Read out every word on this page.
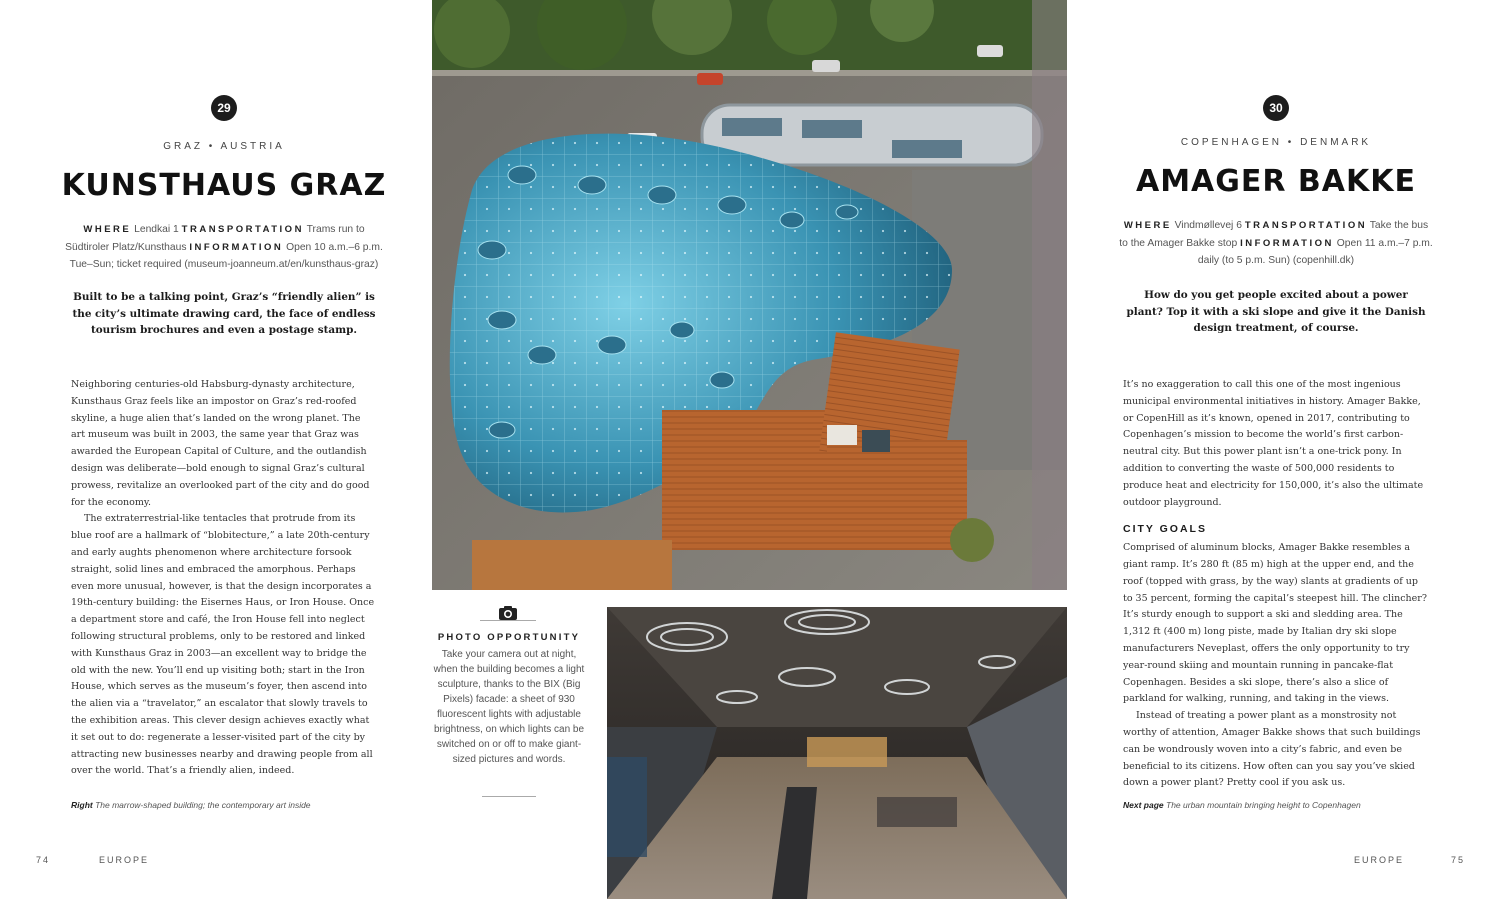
29
GRAZ • AUSTRIA
KUNSTHAUS GRAZ
WHERE Lendkai 1 TRANSPORTATION Trams run to
Südtiroler Platz/Kunsthaus INFORMATION Open 10 a.m.–6 p.m.
Tue–Sun; ticket required (museum-joanneum.at/en/kunsthaus-graz)
Built to be a talking point, Graz’s “friendly alien” is the city’s ultimate drawing card, the face of endless tourism brochures and even a postage stamp.

Neighboring centuries-old Habsburg-dynasty architecture, Kunsthaus Graz feels like an impostor on Graz’s red-roofed skyline, a huge alien that’s landed on the wrong planet. The art museum was built in 2003, the same year that Graz was awarded the European Capital of Culture, and the outlandish design was deliberate—bold enough to signal Graz’s cultural prowess, revitalize an overlooked part of the city and do good for the economy.

The extraterrestrial-like tentacles that protrude from its blue roof are a hallmark of “blobitecture,” a late 20th-century and early aughts phenomenon where architecture forsook straight, solid lines and embraced the amorphous. Perhaps even more unusual, however, is that the design incorporates a 19th-century building: the Eisernes Haus, or Iron House. Once a department store and café, the Iron House fell into neglect following structural problems, only to be restored and linked with Kunsthaus Graz in 2003—an excellent way to bridge the old with the new. You’ll end up visiting both; start in the Iron House, which serves as the museum’s foyer, then ascend into the alien via a “travelator,” an escalator that slowly travels to the exhibition areas. This clever design achieves exactly what it set out to do: regenerate a lesser-visited part of the city by attracting new businesses nearby and drawing people from all over the world. That’s a friendly alien, indeed.

Right The marrow-shaped building; the contemporary art inside
74	EUROPE
PHOTO OPPORTUNITY
Take your camera out at night, when the building becomes a light sculpture, thanks to the BIX (Big Pixels) facade: a sheet of 930 fluorescent lights with adjustable brightness, on which lights can be switched on or off to make giant-sized pictures and words.
30
COPENHAGEN • DENMARK
AMAGER BAKKE
WHERE Vindmøllevej 6 TRANSPORTATION Take the bus
to the Amager Bakke stop INFORMATION Open 11 a.m.–7 p.m.
daily (to 5 p.m. Sun) (copenhill.dk)
How do you get people excited about a power plant? Top it with a ski slope and give it the Danish design treatment, of course.

It’s no exaggeration to call this one of the most ingenious municipal environmental initiatives in history. Amager Bakke, or CopenHill as it’s known, opened in 2017, contributing to Copenhagen’s mission to become the world’s first carbon-neutral city. But this power plant isn’t a one-trick pony. In addition to converting the waste of 500,000 residents to produce heat and electricity for 150,000, it’s also the ultimate outdoor playground.

CITY GOALS

Comprised of aluminum blocks, Amager Bakke resembles a giant ramp. It’s 280 ft (85 m) high at the upper end, and the roof (topped with grass, by the way) slants at gradients of up to 35 percent, forming the capital’s steepest hill. The clincher? It’s sturdy enough to support a ski and sledding area. The 1,312 ft (400 m) long piste, made by Italian dry ski slope manufacturers Neveplast, offers the only opportunity to try year-round skiing and mountain running in pancake-flat Copenhagen. Besides a ski slope, there’s also a slice of parkland for walking, running, and taking in the views.

Instead of treating a power plant as a monstrosity not worthy of attention, Amager Bakke shows that such buildings can be wondrously woven into a city’s fabric, and even be beneficial to its citizens. How often can you say you’ve skied down a power plant? Pretty cool if you ask us.

Next page The urban mountain bringing height to Copenhagen
EUROPE	75
